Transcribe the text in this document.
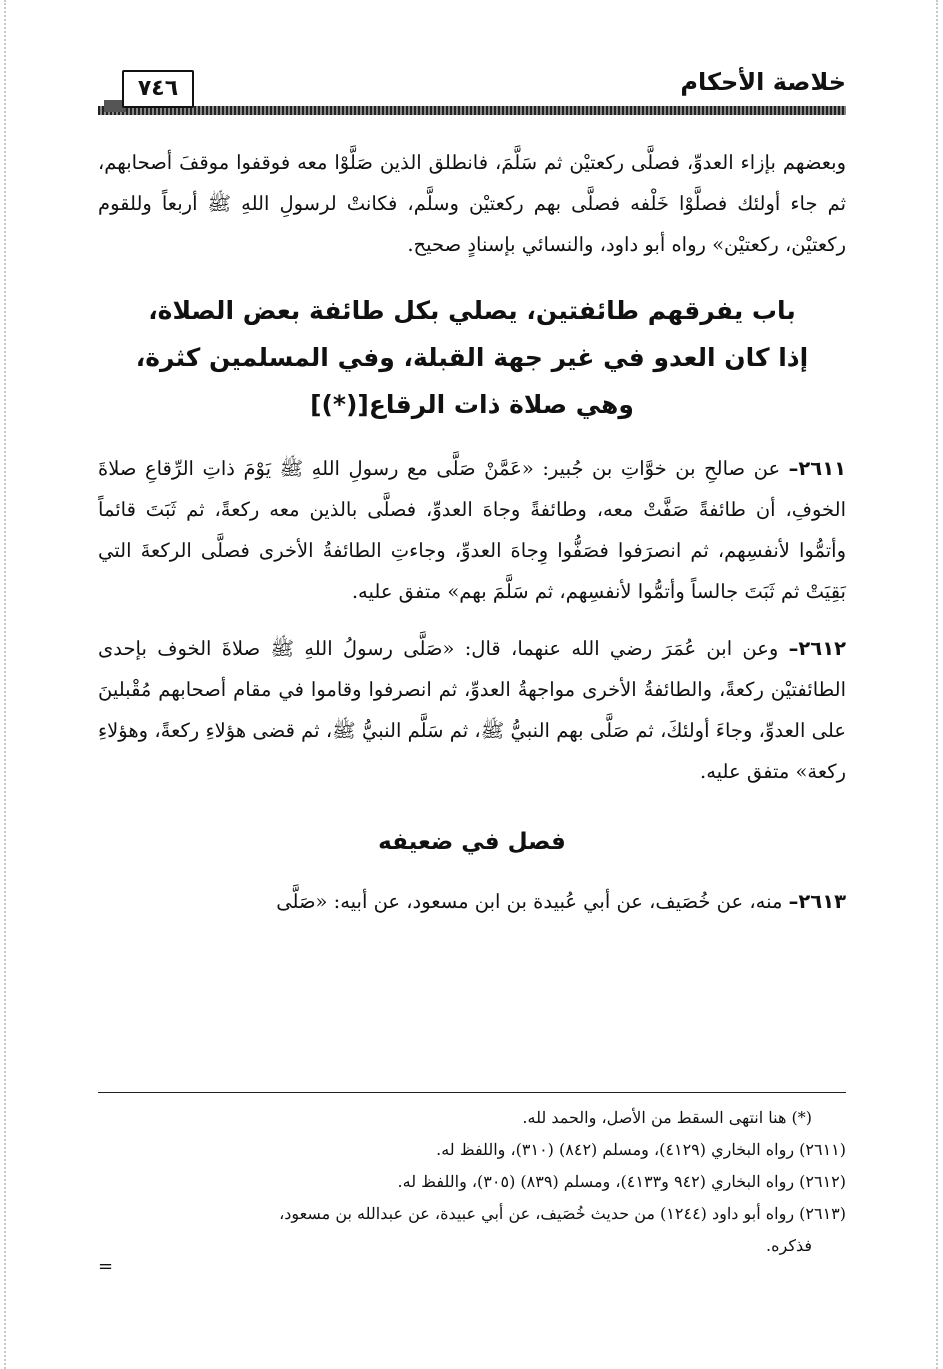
خلاصة الأحكام
٧٤٦

وبعضهم بإزاء العدوِّ، فصلَّى ركعتيْن ثم سَلَّمَ، فانطلق الذين صَلَّوْا معه فوقفوا موقفَ أصحابهم، ثم جاء أولئك فصلَّوْا خَلْفه فصلَّى بهم ركعتيْن وسلَّم، فكانتْ لرسولِ اللهِ ﷺ أربعاً وللقوم ركعتيْن، ركعتيْن» رواه أبو داود، والنسائي بإسنادٍ صحيح.

باب يفرقهم طائفتين، يصلي بكل طائفة بعض الصلاة،
إذا كان العدو في غير جهة القبلة، وفي المسلمين كثرة،
وهي صلاة ذات الرقاع[(*)]

٢٦١١– عن صالحِ بن خوَّاتِ بن جُبير: «عَمَّنْ صَلَّى مع رسولِ اللهِ ﷺ يَوْمَ ذاتِ الرِّقاعِ صلاةَ الخوفِ، أن طائفةً صَفَّتْ معه، وطائفةً وجاهَ العدوِّ، فصلَّى بالذين معه ركعةً، ثم ثَبَتَ قائماً وأتمُّوا لأنفسِهم، ثم انصرَفوا فصَفُّوا وِجاهَ العدوِّ، وجاءتِ الطائفةُ الأخرى فصلَّى الركعةَ التي بَقِيَتْ ثم ثَبَتَ جالساً وأتمُّوا لأنفسِهم، ثم سَلَّمَ بهم» متفق عليه.

٢٦١٢– وعن ابن عُمَرَ رضي الله عنهما، قال: «صَلَّى رسولُ اللهِ ﷺ صلاةَ الخوف بإحدى الطائفتيْن ركعةً، والطائفةُ الأخرى مواجهةُ العدوِّ، ثم انصرفوا وقاموا في مقام أصحابهم مُقْبلينَ على العدوِّ، وجاءَ أولئكَ، ثم صَلَّى بهم النبيُّ ﷺ، ثم سَلَّم النبيُّ ﷺ، ثم قضى هؤلاءِ ركعةً، وهؤلاءِ ركعة» متفق عليه.

فصل في ضعيفه

٢٦١٣– منه، عن خُصَيف، عن أبي عُبيدة بن ابن مسعود، عن أبيه: «صَلَّى

(*) هنا انتهى السقط من الأصل، والحمد لله.

(٢٦١١) رواه البخاري (٤١٢٩)، ومسلم (٨٤٢) (٣١٠)، واللفظ له.

(٢٦١٢) رواه البخاري (٩٤٢ و٤١٣٣)، ومسلم (٨٣٩) (٣٠٥)، واللفظ له.

(٢٦١٣) رواه أبو داود (١٢٤٤) من حديث خُصَيف، عن أبي عبيدة، عن عبدالله بن مسعود،

فذكره.

=
